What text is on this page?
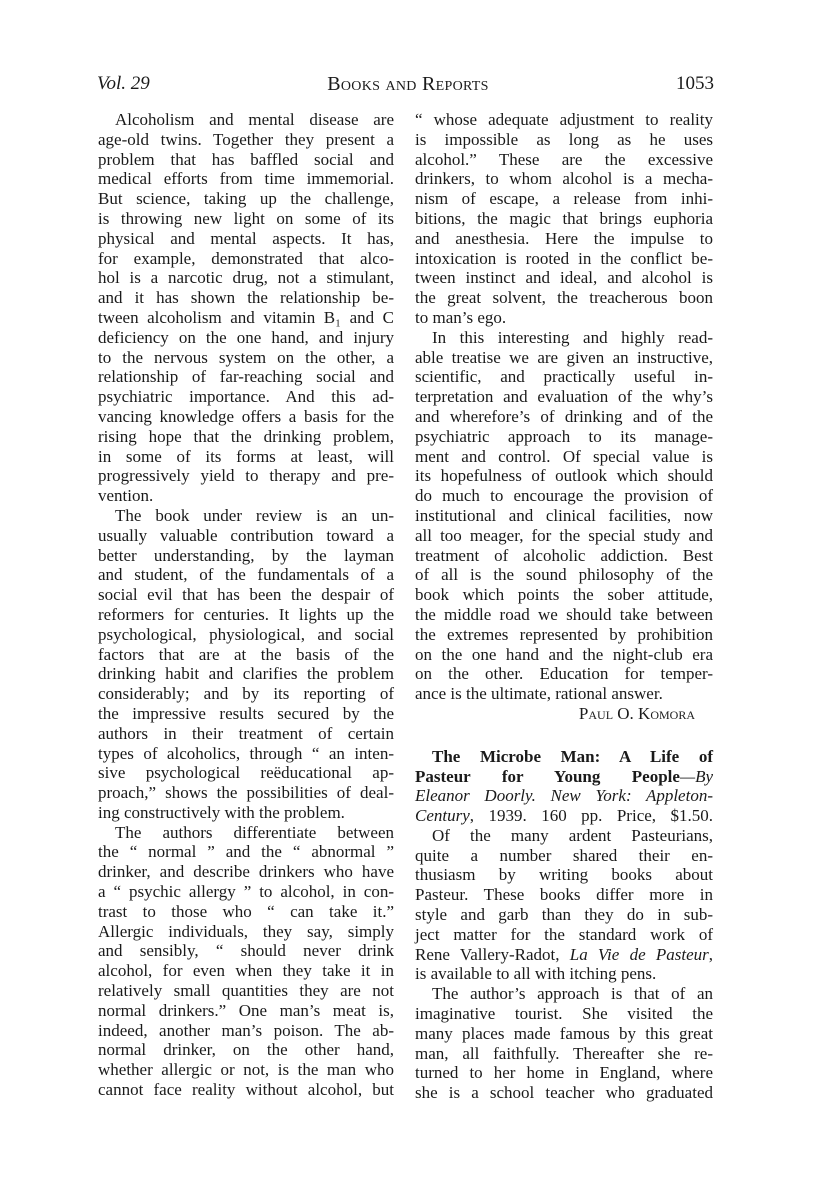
Vol. 29	Books and Reports	1053
Alcoholism and mental disease are
age-old twins. Together they present a
problem that has baffled social and
medical efforts from time immemorial.
But science, taking up the challenge,
is throwing new light on some of its
physical and mental aspects. It has,
for example, demonstrated that alco-
hol is a narcotic drug, not a stimulant,
and it has shown the relationship be-
tween alcoholism and vitamin B₁ and C
deficiency on the one hand, and injury
to the nervous system on the other, a
relationship of far-reaching social and
psychiatric importance. And this ad-
vancing knowledge offers a basis for the
rising hope that the drinking problem,
in some of its forms at least, will
progressively yield to therapy and pre-
vention.
The book under review is an un-
usually valuable contribution toward a
better understanding, by the layman
and student, of the fundamentals of a
social evil that has been the despair of
reformers for centuries. It lights up the
psychological, physiological, and social
factors that are at the basis of the
drinking habit and clarifies the problem
considerably; and by its reporting of
the impressive results secured by the
authors in their treatment of certain
types of alcoholics, through “ an inten-
sive psychological reëducational ap-
proach,” shows the possibilities of deal-
ing constructively with the problem.
The authors differentiate between
the “ normal ” and the “ abnormal ”
drinker, and describe drinkers who have
a “ psychic allergy ” to alcohol, in con-
trast to those who “ can take it.”
Allergic individuals, they say, simply
and sensibly, “ should never drink
alcohol, for even when they take it in
relatively small quantities they are not
normal drinkers.” One man’s meat is,
indeed, another man’s poison. The ab-
normal drinker, on the other hand,
whether allergic or not, is the man who
cannot face reality without alcohol, but
“ whose adequate adjustment to reality
is impossible as long as he uses
alcohol.” These are the excessive
drinkers, to whom alcohol is a mecha-
nism of escape, a release from inhi-
bitions, the magic that brings euphoria
and anesthesia. Here the impulse to
intoxication is rooted in the conflict be-
tween instinct and ideal, and alcohol is
the great solvent, the treacherous boon
to man’s ego.
In this interesting and highly read-
able treatise we are given an instructive,
scientific, and practically useful in-
terpretation and evaluation of the why’s
and wherefore’s of drinking and of the
psychiatric approach to its manage-
ment and control. Of special value is
its hopefulness of outlook which should
do much to encourage the provision of
institutional and clinical facilities, now
all too meager, for the special study and
treatment of alcoholic addiction. Best
of all is the sound philosophy of the
book which points the sober attitude,
the middle road we should take between
the extremes represented by prohibition
on the one hand and the night-club era
on the other. Education for temper-
ance is the ultimate, rational answer.
Paul O. Komora
The Microbe Man: A Life of
Pasteur for Young People—By
Eleanor Doorly. New York: Appleton-
Century, 1939. 160 pp. Price, $1.50.
Of the many ardent Pasteurians,
quite a number shared their en-
thusiasm by writing books about
Pasteur. These books differ more in
style and garb than they do in sub-
ject matter for the standard work of
Rene Vallery-Radot, La Vie de Pasteur,
is available to all with itching pens.
The author’s approach is that of an
imaginative tourist. She visited the
many places made famous by this great
man, all faithfully. Thereafter she re-
turned to her home in England, where
she is a school teacher who graduated
